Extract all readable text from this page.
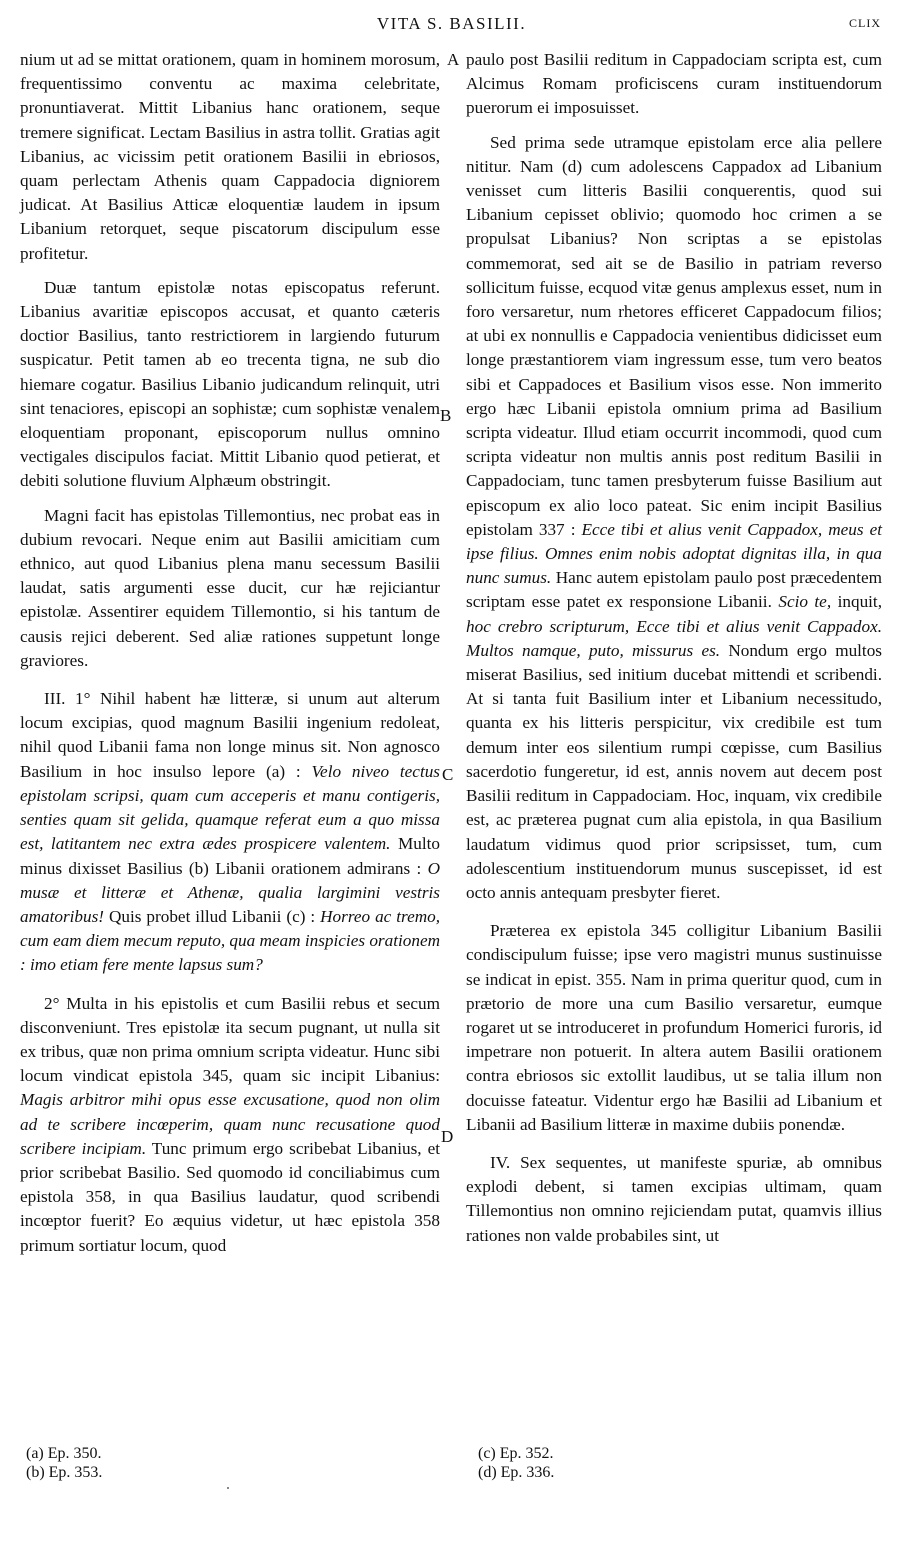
VITA S. BASILII.	CLIX
A
B
C
D

nium ut ad se mittat orationem, quam in hominem morosum, frequentissimo conventu ac maxima celebritate, pronuntiaverat. Mittit Libanius hanc orationem, seque tremere significat. Lectam Basilius in astra tollit. Gratias agit Libanius, ac vicissim petit orationem Basilii in ebriosos, quam perlectam Athenis quam Cappadocia digniorem judicat. At Basilius Atticæ eloquentiæ laudem in ipsum Libanium retorquet, seque piscatorum discipulum esse profitetur.

Duæ tantum epistolæ notas episcopatus referunt. Libanius avaritiæ episcopos accusat, et quanto cæteris doctior Basilius, tanto restrictiorem in largiendo futurum suspicatur. Petit tamen ab eo trecenta tigna, ne sub dio hiemare cogatur. Basilius Libanio judicandum relinquit, utri sint tenaciores, episcopi an sophistæ; cum sophistæ venalem eloquentiam proponant, episcoporum nullus omnino vectigales discipulos faciat. Mittit Libanio quod petierat, et debiti solutione fluvium Alphæum obstringit.

Magni facit has epistolas Tillemontius, nec probat eas in dubium revocari. Neque enim aut Basilii amicitiam cum ethnico, aut quod Libanius plena manu secessum Basilii laudat, satis argumenti esse ducit, cur hæ rejiciantur epistolæ. Assentirer equidem Tillemontio, si his tantum de causis rejici deberent. Sed aliæ rationes suppetunt longe graviores.

III. 1° Nihil habent hæ litteræ, si unum aut alterum locum excipias, quod magnum Basilii ingenium redoleat, nihil quod Libanii fama non longe minus sit. Non agnosco Basilium in hoc insulso lepore (a) : Velo niveo tectus epistolam scripsi, quam cum acceperis et manu contigeris, senties quam sit gelida, quamque referat eum a quo missa est, latitantem nec extra ædes prospicere valentem. Multo minus dixisset Basilius (b) Libanii orationem admirans : O musæ et litteræ et Athenæ, qualia largimini vestris amatoribus! Quis probet illud Libanii (c) : Horreo ac tremo, cum eam diem mecum reputo, qua meam inspicies orationem : imo etiam fere mente lapsus sum?

2° Multa in his epistolis et cum Basilii rebus et secum disconveniunt. Tres epistolæ ita secum pugnant, ut nulla sit ex tribus, quæ non prima omnium scripta videatur. Hunc sibi locum vindicat epistola 345, quam sic incipit Libanius: Magis arbitror mihi opus esse excusatione, quod non olim ad te scribere incœperim, quam nunc recusatione quod scribere incipiam. Tunc primum ergo scribebat Libanius, et prior scribebat Basilio. Sed quomodo id conciliabimus cum epistola 358, in qua Basilius laudatur, quod scribendi incœptor fuerit? Eo æquius videtur, ut hæc epistola 358 primum sortiatur locum, quod

paulo post Basilii reditum in Cappadociam scripta est, cum Alcimus Romam proficiscens curam instituendorum puerorum ei imposuisset.

Sed prima sede utramque epistolam erce alia pellere nititur. Nam (d) cum adolescens Cappadox ad Libanium venisset cum litteris Basilii conquerentis, quod sui Libanium cepisset oblivio; quomodo hoc crimen a se propulsat Libanius? Non scriptas a se epistolas commemorat, sed ait se de Basilio in patriam reverso sollicitum fuisse, ecquod vitæ genus amplexus esset, num in foro versaretur, num rhetores efficeret Cappadocum filios; at ubi ex nonnullis e Cappadocia venientibus didicisset eum longe præstantiorem viam ingressum esse, tum vero beatos sibi et Cappadoces et Basilium visos esse. Non immerito ergo hæc Libanii epistola omnium prima ad Basilium scripta videatur. Illud etiam occurrit incommodi, quod cum scripta videatur non multis annis post reditum Basilii in Cappadociam, tunc tamen presbyterum fuisse Basilium aut episcopum ex alio loco pateat. Sic enim incipit Basilius epistolam 337 : Ecce tibi et alius venit Cappadox, meus et ipse filius. Omnes enim nobis adoptat dignitas illa, in qua nunc sumus. Hanc autem epistolam paulo post præcedentem scriptam esse patet ex responsione Libanii. Scio te, inquit, hoc crebro scripturum, Ecce tibi et alius venit Cappadox. Multos namque, puto, missurus es. Nondum ergo multos miserat Basilius, sed initium ducebat mittendi et scribendi. At si tanta fuit Basilium inter et Libanium necessitudo, quanta ex his litteris perspicitur, vix credibile est tum demum inter eos silentium rumpi cœpisse, cum Basilius sacerdotio fungeretur, id est, annis novem aut decem post Basilii reditum in Cappadociam. Hoc, inquam, vix credibile est, ac præterea pugnat cum alia epistola, in qua Basilium laudatum vidimus quod prior scripsisset, tum, cum adolescentium instituendorum munus suscepisset, id est octo annis antequam presbyter fieret.

Præterea ex epistola 345 colligitur Libanium Basilii condiscipulum fuisse; ipse vero magistri munus sustinuisse se indicat in epist. 355. Nam in prima queritur quod, cum in prætorio de more una cum Basilio versaretur, eumque rogaret ut se introduceret in profundum Homerici furoris, id impetrare non potuerit. In altera autem Basilii orationem contra ebriosos sic extollit laudibus, ut se talia illum non docuisse fateatur. Videntur ergo hæ Basilii ad Libanium et Libanii ad Basilium litteræ in maxime dubiis ponendæ.

IV. Sex sequentes, ut manifeste spuriæ, ab omnibus explodi debent, si tamen excipias ultimam, quam Tillemontius non omnino rejiciendam putat, quamvis illius rationes non valde probabiles sint, ut

(a) Ep. 350.
(b) Ep. 353.
(c) Ep. 352.
(d) Ep. 336.
